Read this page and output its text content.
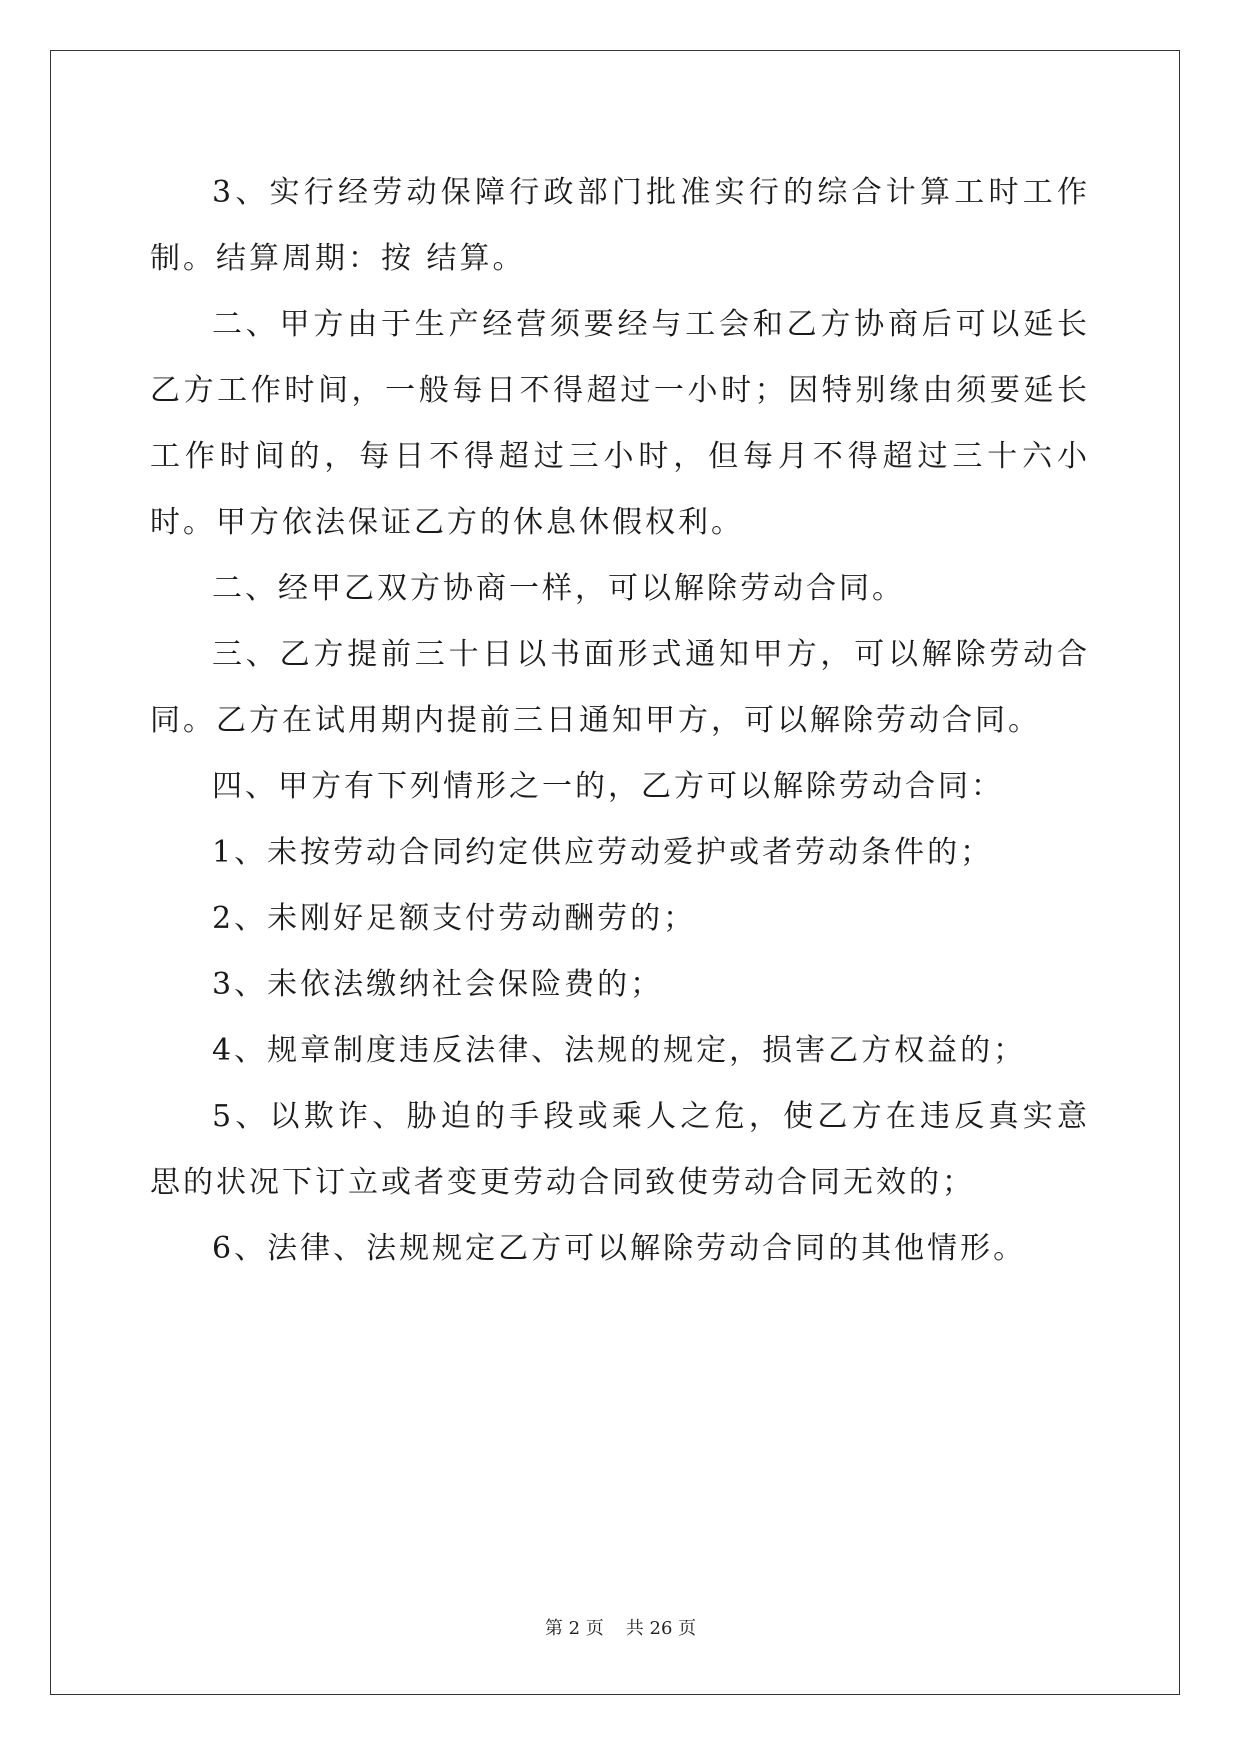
3、实行经劳动保障行政部门批准实行的综合计算工时工作制。结算周期：按 结算。

二、甲方由于生产经营须要经与工会和乙方协商后可以延长乙方工作时间，一般每日不得超过一小时；因特别缘由须要延长工作时间的，每日不得超过三小时，但每月不得超过三十六小时。甲方依法保证乙方的休息休假权利。

二、经甲乙双方协商一样，可以解除劳动合同。

三、乙方提前三十日以书面形式通知甲方，可以解除劳动合同。乙方在试用期内提前三日通知甲方，可以解除劳动合同。

四、甲方有下列情形之一的，乙方可以解除劳动合同：

1、未按劳动合同约定供应劳动爱护或者劳动条件的；

2、未刚好足额支付劳动酬劳的；

3、未依法缴纳社会保险费的；

4、规章制度违反法律、法规的规定，损害乙方权益的；

5、以欺诈、胁迫的手段或乘人之危，使乙方在违反真实意思的状况下订立或者变更劳动合同致使劳动合同无效的；

6、法律、法规规定乙方可以解除劳动合同的其他情形。

第 2 页 共 26 页
